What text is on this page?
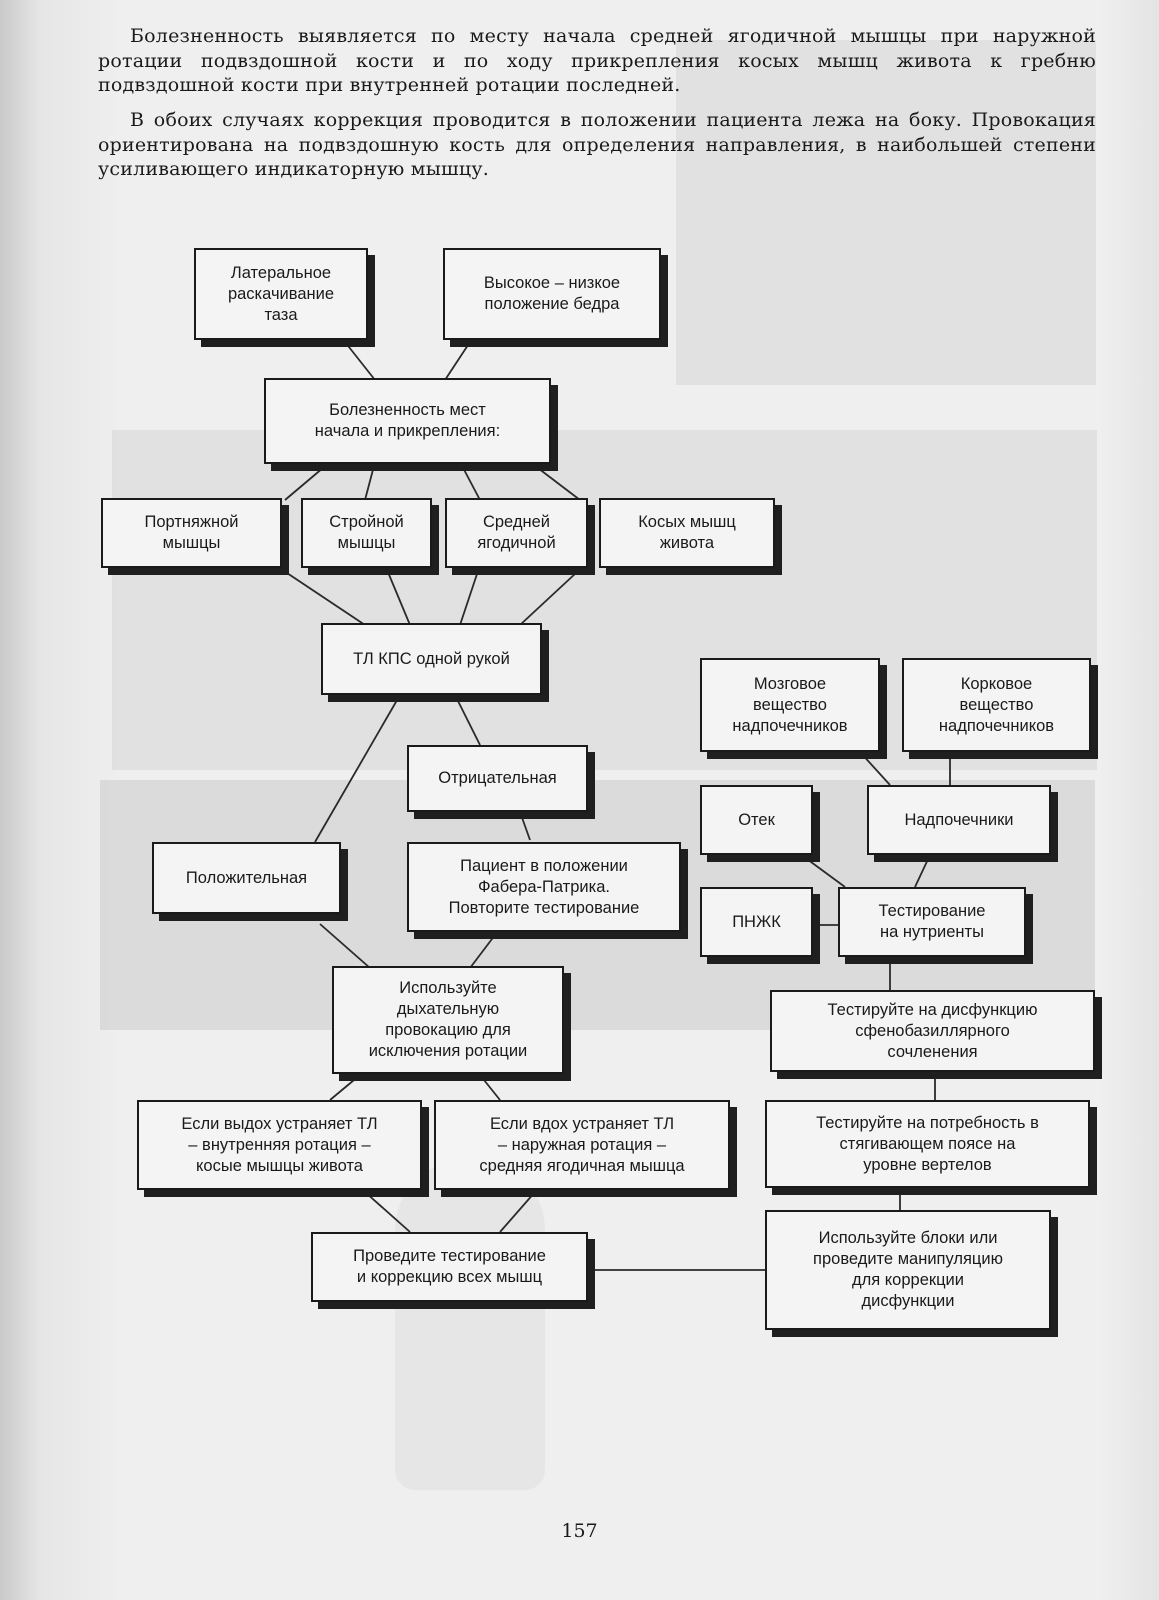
Болезненность выявляется по месту начала средней ягодичной мышцы при наружной ротации подвздошной кости и по ходу прикрепления косых мышц живота к гребню подвздошной кости при внутренней ротации последней.

В обоих случаях коррекция проводится в положении пациента лежа на боку. Провокация ориентирована на подвздошную кость для определения направления, в наибольшей степени усиливающего индикаторную мышцу.

Латеральное
раскачивание
таза
Высокое – низкое
положение бедра
Болезненность мест
начала и прикрепления:
Портняжной
мышцы
Стройной
мышцы
Средней
ягодичной
Косых мышц
живота
ТЛ КПС одной рукой
Отрицательная
Положительная
Пациент в положении
Фабера-Патрика.
Повторите тестирование
Используйте
дыхательную
провокацию для
исключения ротации
Если выдох устраняет ТЛ
– внутренняя ротация –
косые мышцы живота
Если вдох устраняет ТЛ
– наружная ротация –
средняя ягодичная мышца
Проведите тестирование
и коррекцию всех мышц
Мозговое
вещество
надпочечников
Корковое
вещество
надпочечников
Отек	Надпочечники
ПНЖК
Тестирование
на нутриенты
Тестируйте на дисфункцию
сфенобазиллярного
сочленения
Тестируйте на потребность в
стягивающем поясе на
уровне вертелов
Используйте блоки или
проведите манипуляцию
для коррекции
дисфункции
157
